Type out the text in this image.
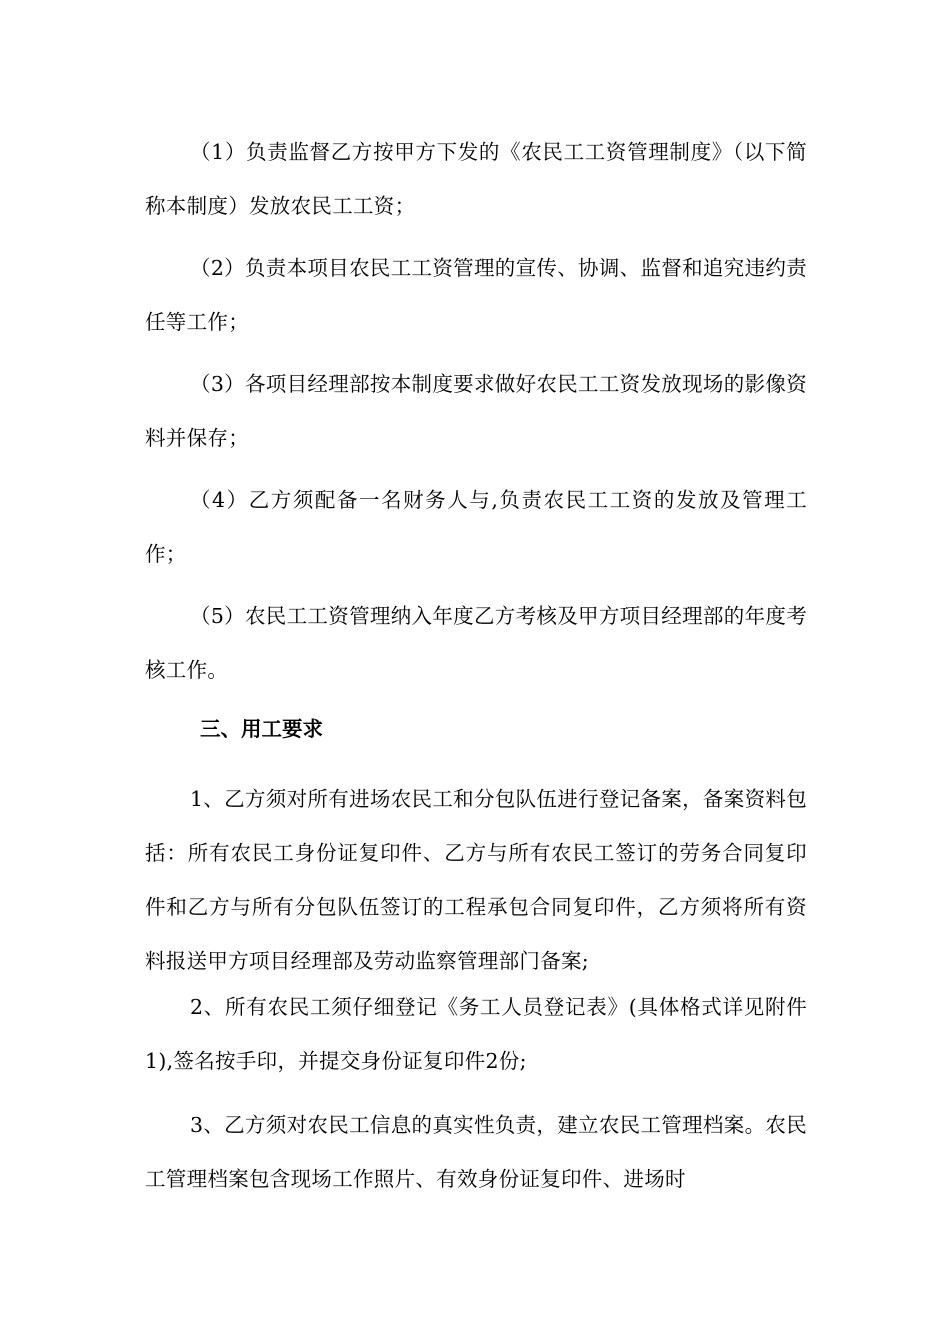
（1）负责监督乙方按甲方下发的《农民工工资管理制度》（以下简称本制度）发放农民工工资；

（2）负责本项目农民工工资管理的宣传、协调、监督和追究违约责任等工作；

（3）各项目经理部按本制度要求做好农民工工资发放现场的影像资料并保存；

（4）乙方须配备一名财务人与,负责农民工工资的发放及管理工作；

（5）农民工工资管理纳入年度乙方考核及甲方项目经理部的年度考核工作。

三、用工要求

1、乙方须对所有进场农民工和分包队伍进行登记备案，备案资料包括：所有农民工身份证复印件、乙方与所有农民工签订的劳务合同复印件和乙方与所有分包队伍签订的工程承包合同复印件，乙方须将所有资料报送甲方项目经理部及劳动监察管理部门备案;

2、所有农民工须仔细登记《务工人员登记表》(具体格式详见附件1),签名按手印，并提交身份证复印件2份;

3、乙方须对农民工信息的真实性负责，建立农民工管理档案。农民工管理档案包含现场工作照片、有效身份证复印件、进场时
